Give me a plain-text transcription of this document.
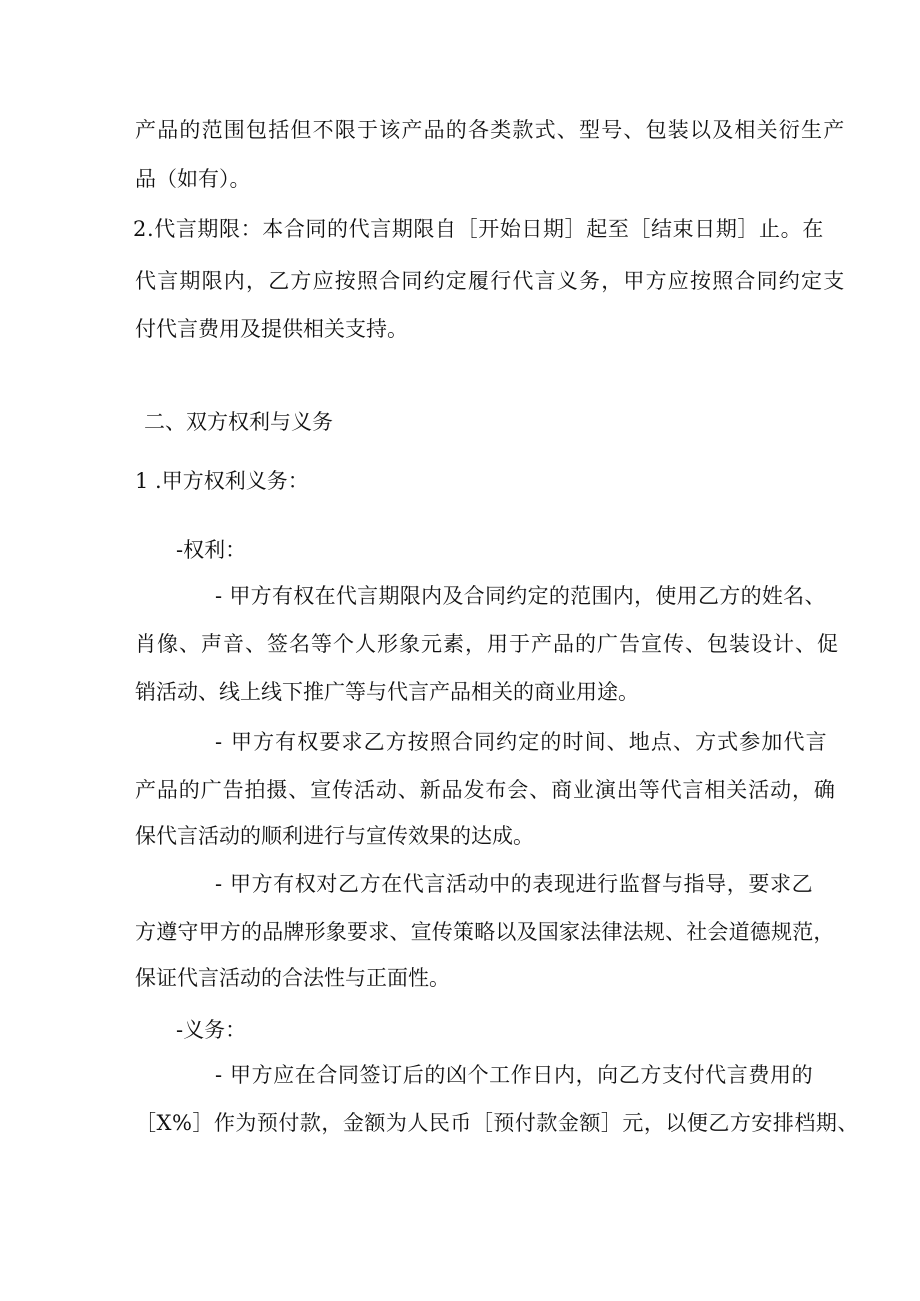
产品的范围包括但不限于该产品的各类款式、型号、包装以及相关衍生产
品（如有）。
2.代言期限：本合同的代言期限自［开始日期］起至［结束日期］止。在
代言期限内，乙方应按照合同约定履行代言义务，甲方应按照合同约定支
付代言费用及提供相关支持。
二、双方权利与义务
1 .甲方权利义务：
-权利：
- 甲方有权在代言期限内及合同约定的范围内，使用乙方的姓名、
肖像、声音、签名等个人形象元素，用于产品的广告宣传、包装设计、促
销活动、线上线下推广等与代言产品相关的商业用途。
- 甲方有权要求乙方按照合同约定的时间、地点、方式参加代言
产品的广告拍摄、宣传活动、新品发布会、商业演出等代言相关活动，确
保代言活动的顺利进行与宣传效果的达成。
- 甲方有权对乙方在代言活动中的表现进行监督与指导，要求乙
方遵守甲方的品牌形象要求、宣传策略以及国家法律法规、社会道德规范，
保证代言活动的合法性与正面性。
-义务：
- 甲方应在合同签订后的凶个工作日内，向乙方支付代言费用的
［X%］作为预付款，金额为人民币［预付款金额］元，以便乙方安排档期、
